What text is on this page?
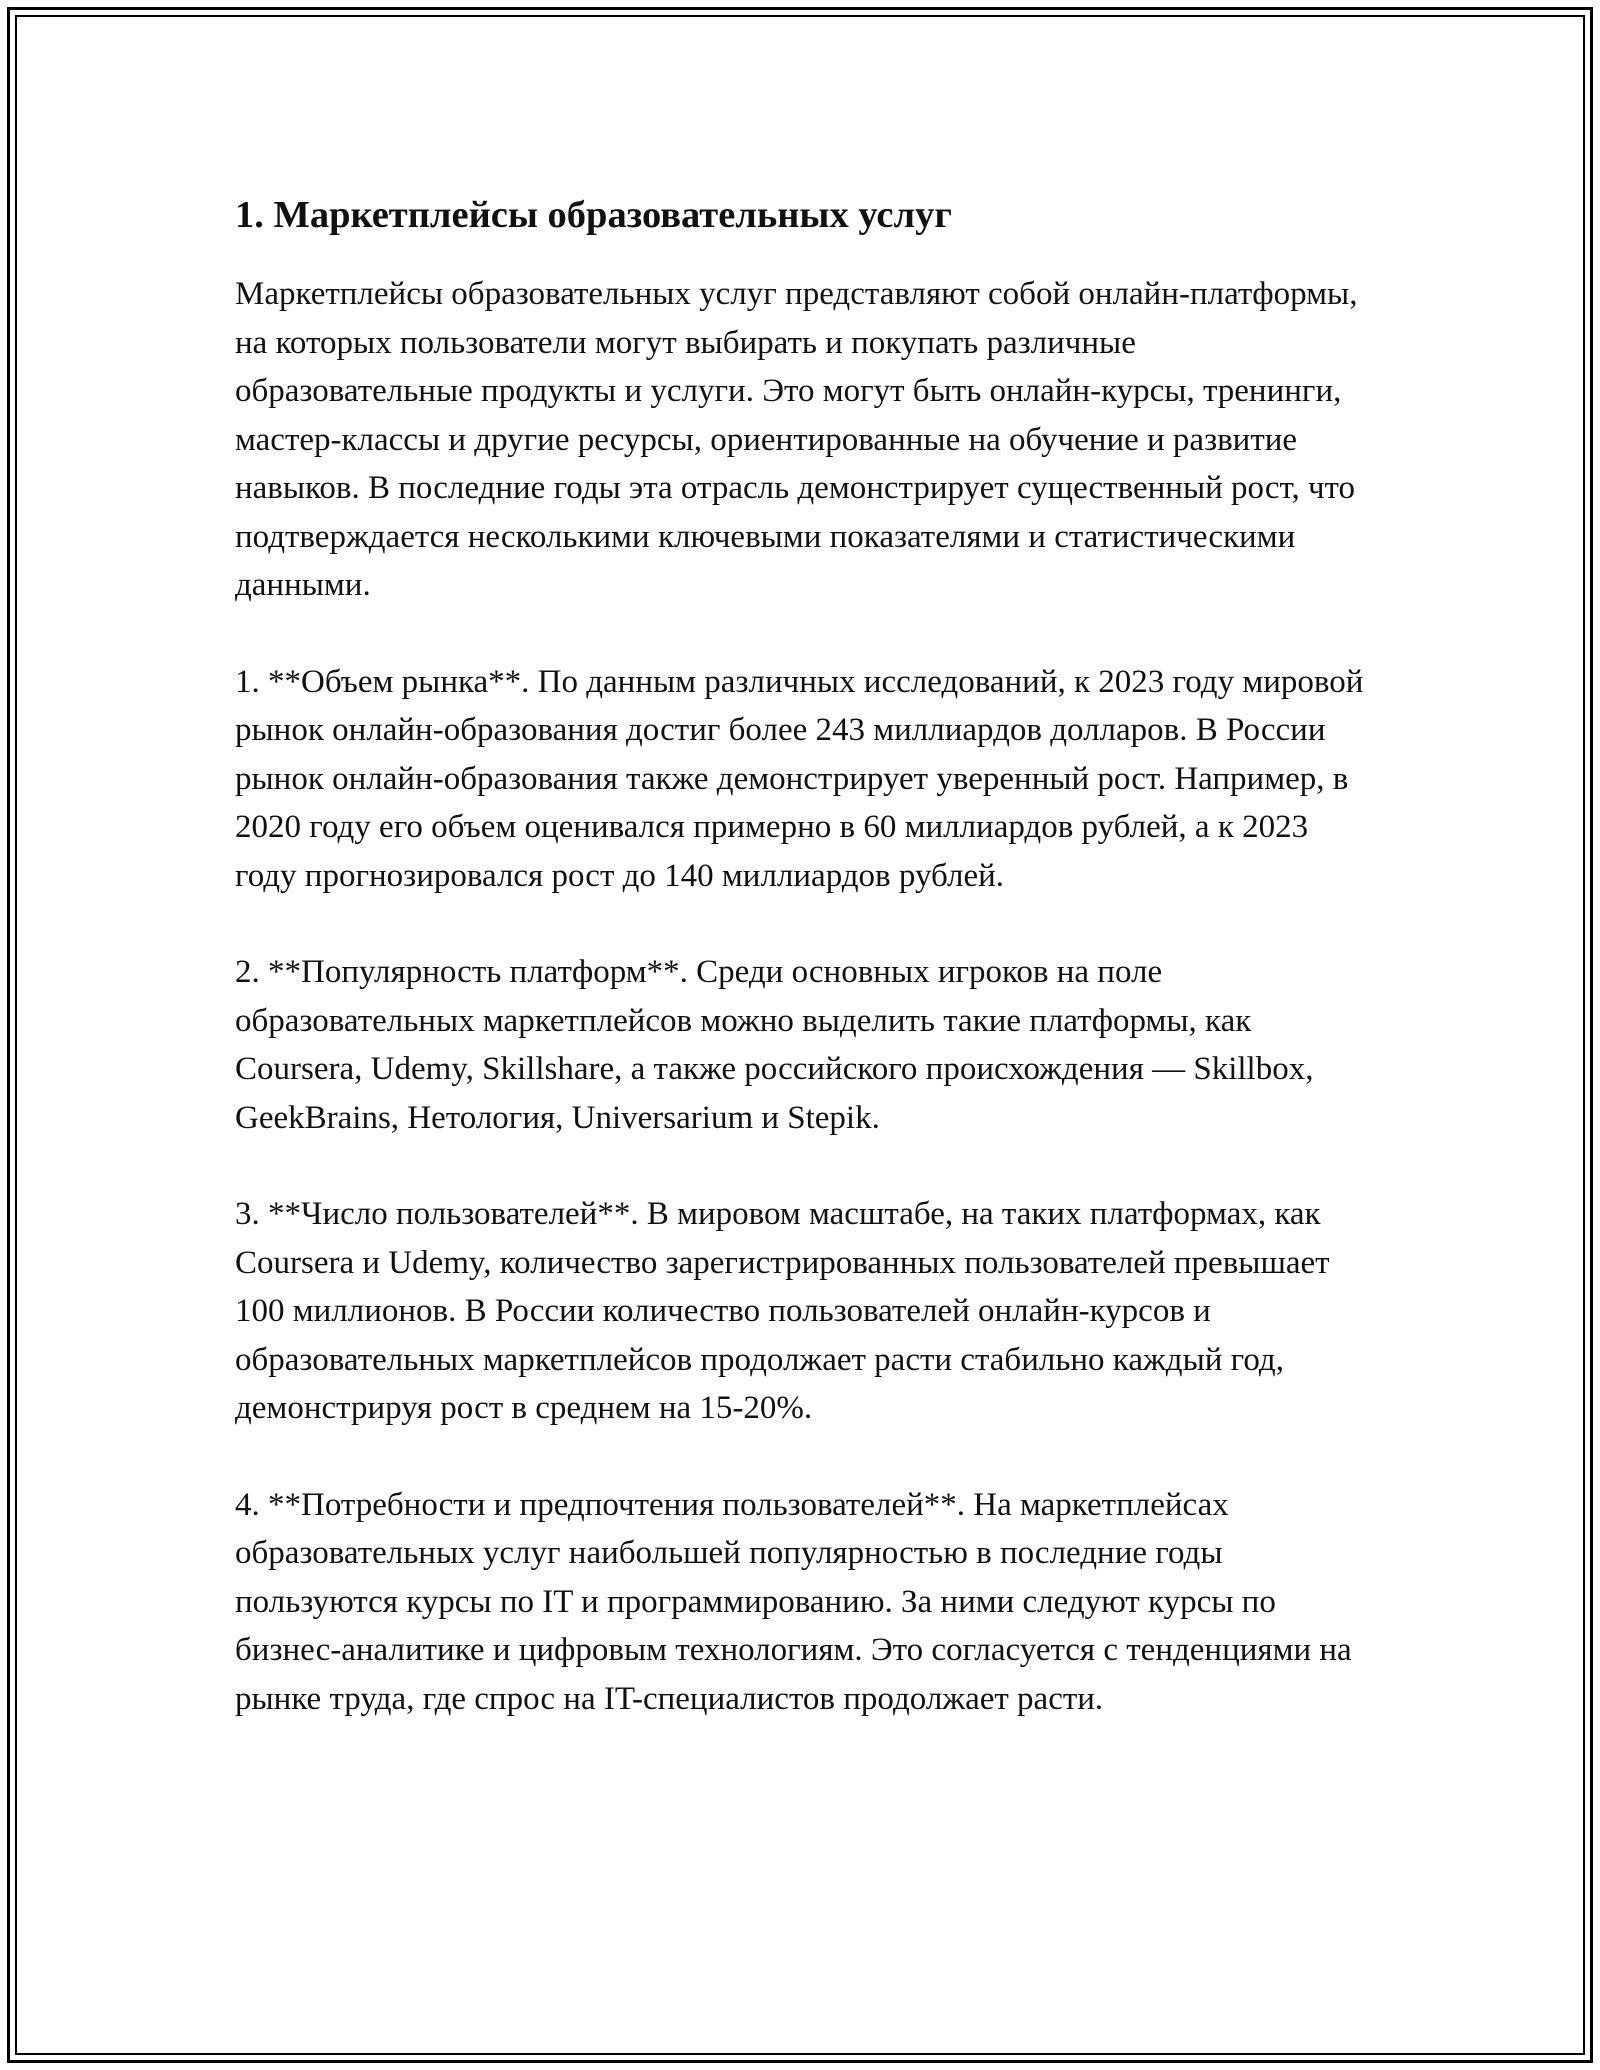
1. Маркетплейсы образовательных услуг

Маркетплейсы образовательных услуг представляют собой онлайн-платформы, на которых пользователи могут выбирать и покупать различные образовательные продукты и услуги. Это могут быть онлайн-курсы, тренинги, мастер-классы и другие ресурсы, ориентированные на обучение и развитие навыков. В последние годы эта отрасль демонстрирует существенный рост, что подтверждается несколькими ключевыми показателями и статистическими данными.

1. **Объем рынка**. По данным различных исследований, к 2023 году мировой рынок онлайн-образования достиг более 243 миллиардов долларов. В России рынок онлайн-образования также демонстрирует уверенный рост. Например, в 2020 году его объем оценивался примерно в 60 миллиардов рублей, а к 2023 году прогнозировался рост до 140 миллиардов рублей.

2. **Популярность платформ**. Среди основных игроков на поле образовательных маркетплейсов можно выделить такие платформы, как Coursera, Udemy, Skillshare, а также российского происхождения — Skillbox, GeekBrains, Нетология, Universarium и Stepik.

3. **Число пользователей**. В мировом масштабе, на таких платформах, как Coursera и Udemy, количество зарегистрированных пользователей превышает 100 миллионов. В России количество пользователей онлайн-курсов и образовательных маркетплейсов продолжает расти стабильно каждый год, демонстрируя рост в среднем на 15-20%.

4. **Потребности и предпочтения пользователей**. На маркетплейсах образовательных услуг наибольшей популярностью в последние годы пользуются курсы по IT и программированию. За ними следуют курсы по бизнес-аналитике и цифровым технологиям. Это согласуется с тенденциями на рынке труда, где спрос на IT-специалистов продолжает расти.
